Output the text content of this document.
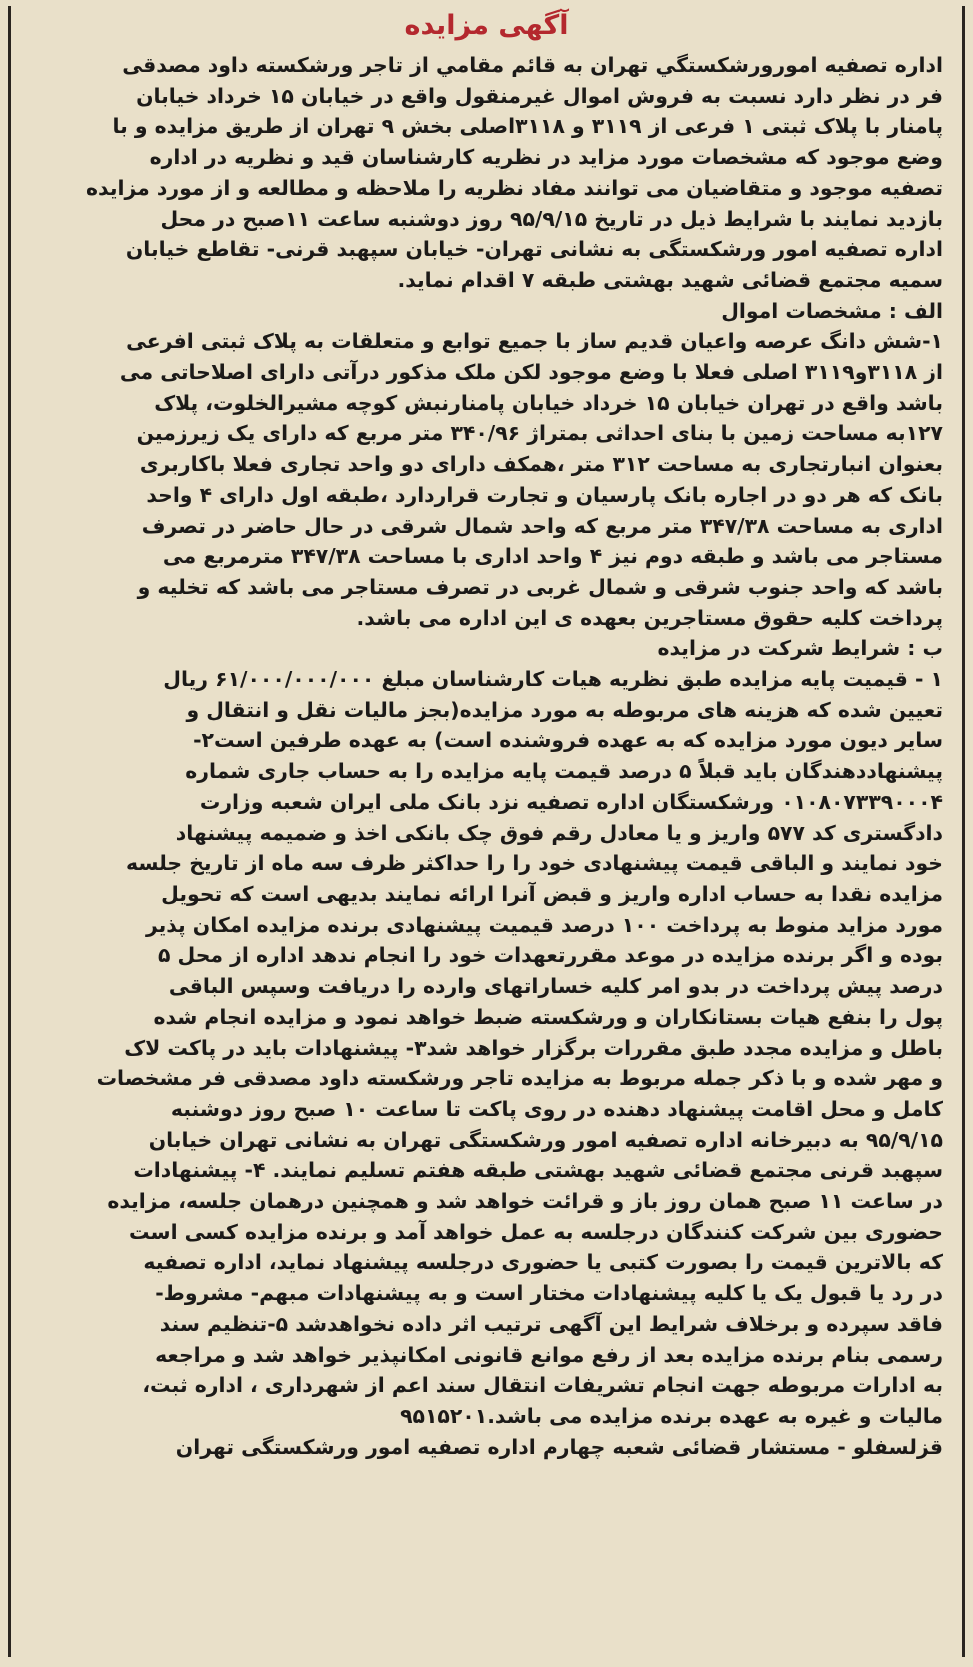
آگهی مزایده
اداره تصفیه امورورشکستگي تهران به قائم مقامي از تاجر ورشکسته داود مصدقی
فر در نظر دارد نسبت به فروش اموال غیرمنقول واقع در خیابان ۱۵ خرداد خیابان
پامنار با پلاک ثبتی ۱ فرعی از ۳۱۱۹ و ۳۱۱۸اصلی بخش ۹ تهران از طریق مزایده و با
وضع موجود که مشخصات مورد مزاید در نظریه کارشناسان قید و نظریه در اداره
تصفیه موجود و متقاضیان می توانند مفاد نظریه را ملاحظه و مطالعه و از مورد مزایده
بازدید نمایند با شرایط ذیل در تاریخ ۹۵/۹/۱۵ روز دوشنبه ساعت ۱۱صبح در محل
اداره تصفیه امور ورشکستگی به نشانی تهران- خیابان سپهبد قرنی- تقاطع خیابان
سمیه مجتمع قضائی شهید بهشتی طبقه ۷ اقدام نماید.
الف : مشخصات اموال
۱-شش دانگ عرصه واعیان قدیم ساز با جمیع توابع و متعلقات به پلاک ثبتی افرعی
از ۳۱۱۸و۳۱۱۹ اصلی فعلا با وضع موجود لکن ملک مذکور درآتی دارای اصلاحاتی می
باشد واقع در تهران خیابان ۱۵ خرداد خیابان پامنارنبش کوچه مشیرالخلوت، پلاک
۱۲۷به مساحت زمین با بنای احداثی بمتراژ ۳۴۰/۹۶ متر مربع که دارای یک زیرزمین
بعنوان انبارتجاری به مساحت ۳۱۲ متر ،همکف دارای دو واحد تجاری فعلا باکاربری
بانک که هر دو در اجاره بانک پارسیان و تجارت قراردارد ،طبقه اول دارای ۴ واحد
اداری به مساحت ۳۴۷/۳۸ متر مربع که واحد شمال شرقی در حال حاضر در تصرف
مستاجر می باشد و طبقه دوم نیز ۴ واحد اداری با مساحت ۳۴۷/۳۸ مترمربع می
باشد که واحد جنوب شرقی و شمال غربی در تصرف مستاجر می باشد که تخلیه و
پرداخت کلیه حقوق مستاجرین بعهده ی این اداره می باشد.
ب : شرایط شرکت در مزایده
۱ - قیمیت پایه مزایده طبق نظریه هیات کارشناسان مبلغ ۶۱/۰۰۰/۰۰۰/۰۰۰ ریال
تعیین شده که هزینه های مربوطه به مورد مزایده(بجز مالیات نقل و انتقال و
سایر دیون مورد مزایده که به عهده فروشنده است) به عهده طرفین است۲-
پیشنهاددهندگان باید قبلاً ۵ درصد قیمت پایه مزایده را به حساب جاری شماره
۰۱۰۸۰۷۳۳۹۰۰۰۴ ورشکستگان اداره تصفیه نزد بانک ملی ایران شعبه وزارت
دادگستری کد ۵۷۷ واریز و یا معادل رقم فوق چک بانکی اخذ و ضمیمه پیشنهاد
خود نمایند و الباقی قیمت پیشنهادی خود را را حداکثر ظرف سه ماه از تاریخ جلسه
مزایده نقدا به حساب اداره واریز و قبض آنرا ارائه نمایند بدیهی است که تحویل
مورد مزاید منوط به پرداخت ۱۰۰ درصد قیمیت پیشنهادی برنده مزایده امکان پذیر
بوده و اگر برنده مزایده در موعد مقررتعهدات خود را انجام ندهد اداره از محل ۵
درصد پیش پرداخت در بدو امر کلیه خساراتهای وارده را دریافت وسپس الباقی
پول را بنفع هیات بستانکاران و ورشکسته ضبط خواهد نمود و مزایده انجام شده
باطل و مزایده مجدد طبق مقررات برگزار خواهد شد۳- پیشنهادات باید در پاکت لاک
و مهر شده و با ذکر جمله مربوط به مزایده تاجر ورشکسته داود مصدقی فر مشخصات
کامل و محل اقامت پیشنهاد دهنده در روی پاکت تا ساعت ۱۰ صبح روز دوشنبه
۹۵/۹/۱۵ به دبیرخانه اداره تصفیه امور ورشکستگی تهران به نشانی تهران خیابان
سپهبد قرنی مجتمع قضائی شهید بهشتی طبقه هفتم تسلیم نمایند. ۴- پیشنهادات
در ساعت ۱۱ صبح همان روز باز و قرائت خواهد شد و همچنین درهمان جلسه، مزایده
حضوری بین شرکت کنندگان درجلسه به عمل خواهد آمد و برنده مزایده کسی است
که بالاترین قیمت را بصورت کتبی یا حضوری درجلسه پیشنهاد نماید، اداره تصفیه
در رد یا قبول یک یا کلیه پیشنهادات مختار است و به پیشنهادات مبهم- مشروط-
فاقد سپرده و برخلاف شرایط این آگهی ترتیب اثر داده نخواهدشد ۵-تنظیم سند
رسمی بنام برنده مزایده بعد از رفع موانع قانونی امکانپذیر خواهد شد و مراجعه
به ادارات مربوطه جهت انجام تشریفات انتقال سند اعم از شهرداری ، اداره ثبت،
مالیات و غیره به عهده برنده مزایده می باشد.۹۵۱۵۲۰۱
قزلسفلو - مستشار قضائی شعبه چهارم اداره تصفیه امور ورشکستگی تهران
